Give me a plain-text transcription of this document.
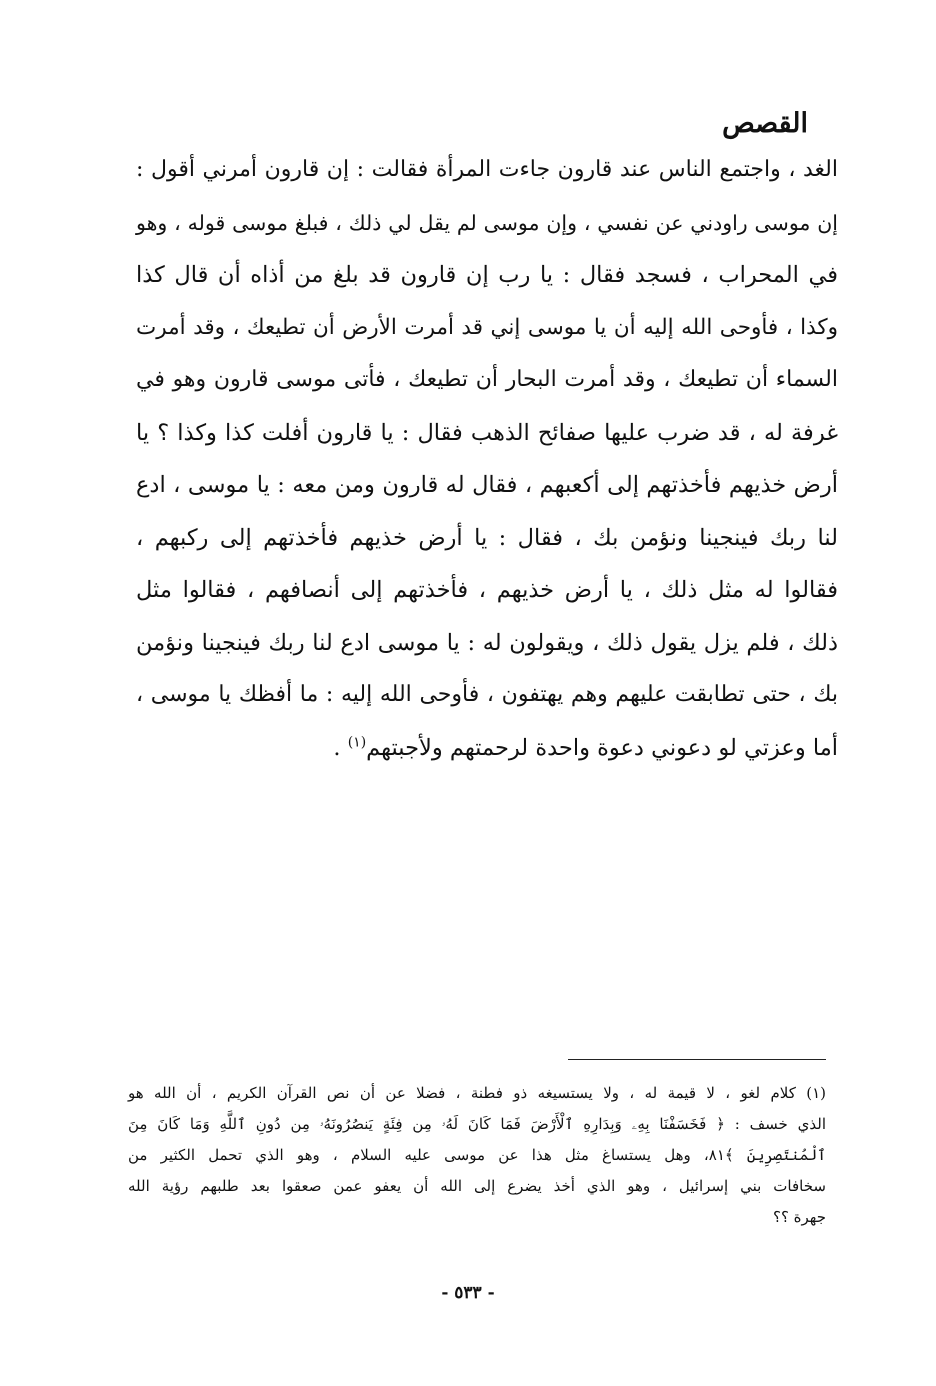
القصص
الغد ، واجتمع الناس عند قارون جاءت المرأة فقالت : إن قارون أمرني أقول :
إن موسى راودني عن نفسي ، وإن موسى لم يقل لي ذلك ، فبلغ موسى قوله ، وهو
في المحراب ، فسجد فقال : يا رب إن قارون قد بلغ من أذاه أن قال كذا
وكذا ، فأوحى الله إليه أن يا موسى إني قد أمرت الأرض أن تطيعك ، وقد أمرت
السماء أن تطيعك ، وقد أمرت البحار أن تطيعك ، فأتى موسى قارون وهو في
غرفة له ، قد ضرب عليها صفائح الذهب فقال : يا قارون أفلت كذا وكذا ؟ يا
أرض خذيهم فأخذتهم إلى أكعبهم ، فقال له قارون ومن معه : يا موسى ، ادع
لنا ربك فينجينا ونؤمن بك ، فقال : يا أرض خذيهم فأخذتهم إلى ركبهم ،
فقالوا له مثل ذلك ، يا أرض خذيهم ، فأخذتهم إلى أنصافهم ، فقالوا مثل
ذلك ، فلم يزل يقول ذلك ، ويقولون له : يا موسى ادع لنا ربك فينجينا ونؤمن
بك ، حتى تطابقت عليهم وهم يهتفون ، فأوحى الله إليه : ما أفظك يا موسى ،
أما وعزتي لو دعوني دعوة واحدة لرحمتهم ولأجبتهم$^{(١)}$ .
(١) كلام لغو ، لا قيمة له ، ولا يستسيغه ذو فطنة ، فضلا عن أن نص القرآن الكريم ، أن الله هو
الذي خسف : ﴿ فَخَسَفْنَا بِهِۦ وَبِدَارِهِ ٱلْأَرْضَ فَمَا كَانَ لَهُۥ مِن فِئَةٍ يَنصُرُونَهُۥ مِن دُونِ ٱللَّهِ وَمَا كَانَ مِنَ
ٱلْمُنتَصِرِينَ ﴾٨١، وهل يستساغ مثل هذا عن موسى عليه السلام ، وهو الذي تحمل الكثير من
سخافات بني إسرائيل ، وهو الذي أخذ يضرع إلى الله أن يعفو عمن صعقوا بعد طلبهم رؤية الله
جهرة ؟؟
- ٥٣٣ -
